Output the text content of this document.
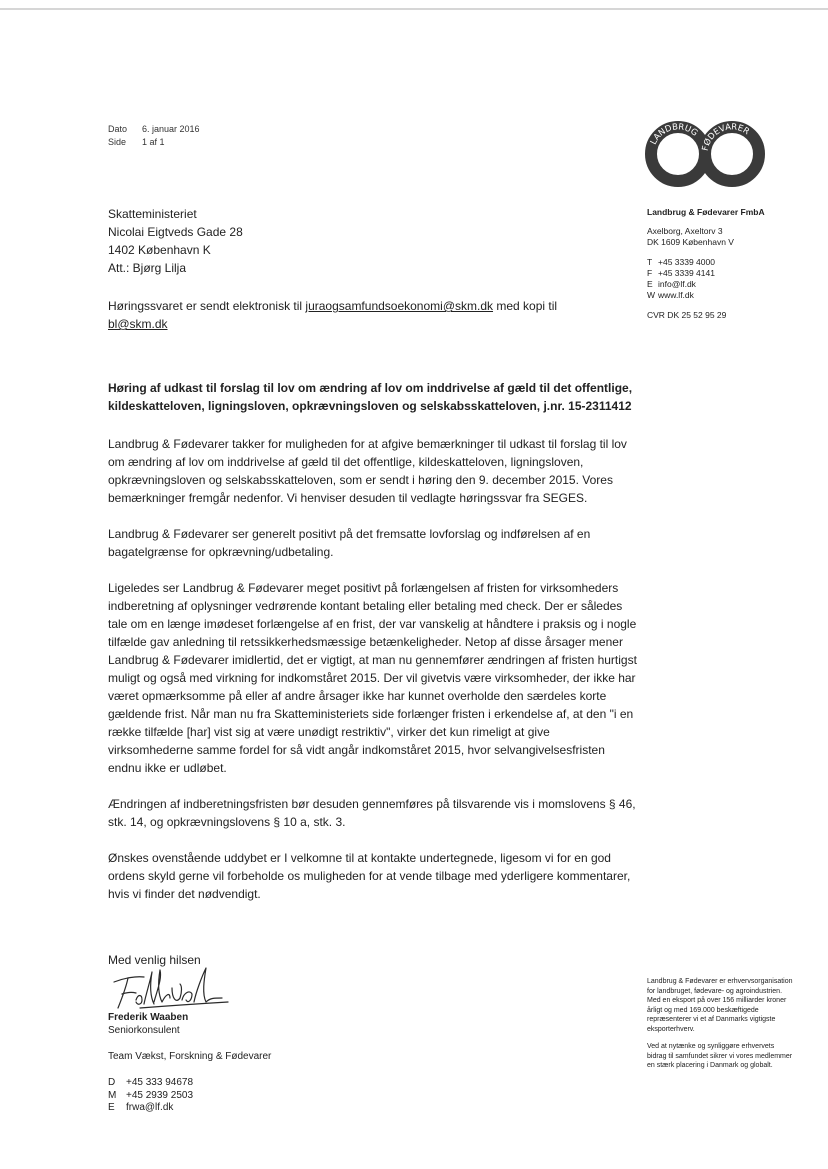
Dato 6. januar 2016
Side 1 af 1
Skatteministeriet
Nicolai Eigtveds Gade 28
1402 København K
Att.: Bjørg Lilja
Høringssvaret er sendt elektronisk til juraogsamfundsoekonomi@skm.dk med kopi til bl@skm.dk
Høring af udkast til forslag til lov om ændring af lov om inddrivelse af gæld til det offentlige, kildeskatteloven, ligningsloven, opkrævningsloven og selskabsskatteloven, j.nr. 15-2311412

Landbrug & Fødevarer takker for muligheden for at afgive bemærkninger til udkast til forslag til lov om ændring af lov om inddrivelse af gæld til det offentlige, kildeskatteloven, ligningsloven, opkrævningsloven og selskabsskatteloven, som er sendt i høring den 9. december 2015. Vores bemærkninger fremgår nedenfor. Vi henviser desuden til vedlagte høringssvar fra SEGES.

Landbrug & Fødevarer ser generelt positivt på det fremsatte lovforslag og indførelsen af en bagatelgrænse for opkrævning/udbetaling.

Ligeledes ser Landbrug & Fødevarer meget positivt på forlængelsen af fristen for virksomheders indberetning af oplysninger vedrørende kontant betaling eller betaling med check. Der er således tale om en længe imødeset forlængelse af en frist, der var vanskelig at håndtere i praksis og i nogle tilfælde gav anledning til retssikkerhedsmæssige betænkeligheder. Netop af disse årsager mener Landbrug & Fødevarer imidlertid, det er vigtigt, at man nu gennemfører ændringen af fristen hurtigst muligt og også med virkning for indkomståret 2015. Der vil givetvis være virksomheder, der ikke har været opmærksomme på eller af andre årsager ikke har kunnet overholde den særdeles korte gældende frist. Når man nu fra Skatteministeriets side forlænger fristen i erkendelse af, at den "i en række tilfælde [har] vist sig at være unødigt restriktiv", virker det kun rimeligt at give virksomhederne samme fordel for så vidt angår indkomståret 2015, hvor selvangivelsesfristen endnu ikke er udløbet.

Ændringen af indberetningsfristen bør desuden gennemføres på tilsvarende vis i momslovens § 46, stk. 14, og opkrævningslovens § 10 a, stk. 3.

Ønskes ovenstående uddybet er I velkomne til at kontakte undertegnede, ligesom vi for en god ordens skyld gerne vil forbeholde os muligheden for at vende tilbage med yderligere kommentarer, hvis vi finder det nødvendigt.

Med venlig hilsen
Frederik Waaben
Seniorkonsulent
Team Vækst, Forskning & Fødevarer
D +45 333 94678
M +45 2939 2503
E frwa@lf.dk
LANDBRUG
FØDEVARER
Landbrug & Fødevarer FmbA
Axelborg, Axeltorv 3
DK 1609 København V
T +45 3339 4000
F +45 3339 4141
E info@lf.dk
W www.lf.dk
CVR DK 25 52 95 29

Landbrug & Fødevarer er erhvervsorganisation for landbruget, fødevare- og agroindustrien. Med en eksport på over 156 milliarder kroner årligt og med 169.000 beskæftigede repræsenterer vi et af Danmarks vigtigste eksporterhverv.

Ved at nytænke og synliggøre erhvervets bidrag til samfundet sikrer vi vores medlemmer en stærk placering i Danmark og globalt.
